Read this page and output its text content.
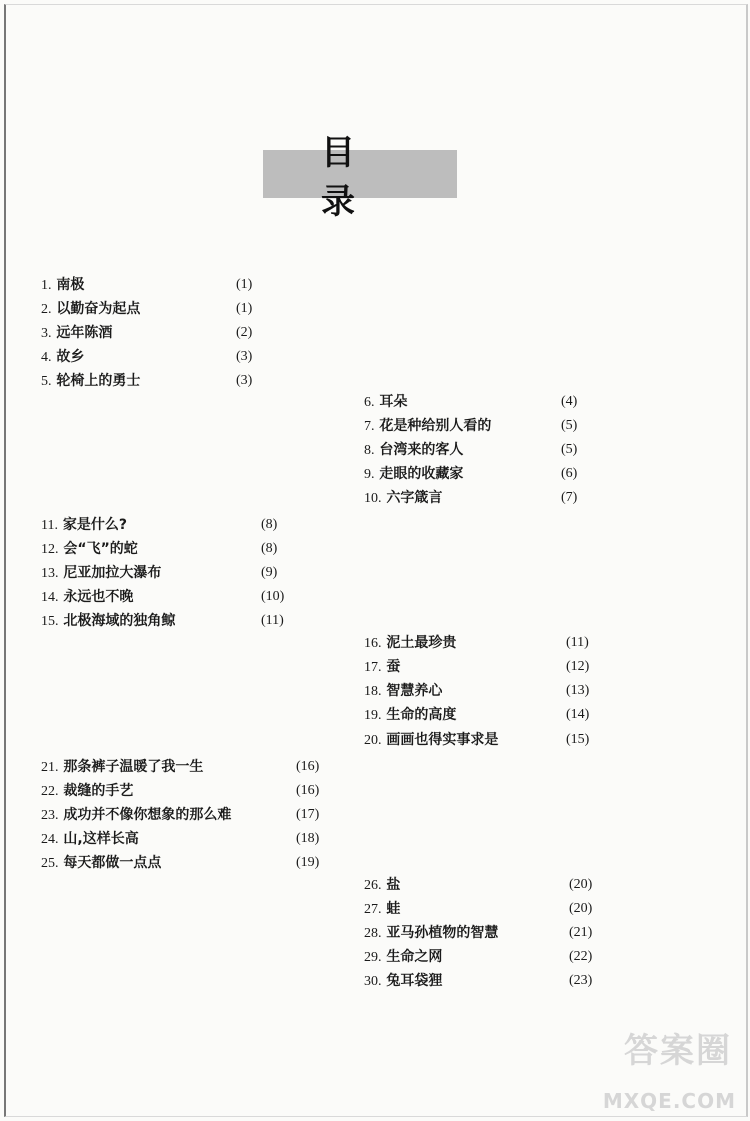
目 录
1. 南极	(1)
2. 以勤奋为起点	(1)
3. 远年陈酒	(2)
4. 故乡	(3)
5. 轮椅上的勇士	(3)
6. 耳朵	(4)
7. 花是种给别人看的	(5)
8. 台湾来的客人	(5)
9. 走眼的收藏家	(6)
10. 六字箴言	(7)
11. 家是什么?	(8)
12. 会“飞”的蛇	(8)
13. 尼亚加拉大瀑布	(9)
14. 永远也不晚	(10)
15. 北极海域的独角鲸	(11)
16. 泥土最珍贵	(11)
17. 蚕	(12)
18. 智慧养心	(13)
19. 生命的高度	(14)
20. 画画也得实事求是	(15)
21. 那条裤子温暖了我一生	(16)
22. 裁缝的手艺	(16)
23. 成功并不像你想象的那么难	(17)
24. 山,这样长高	(18)
25. 每天都做一点点	(19)
26. 盐	(20)
27. 蛙	(20)
28. 亚马孙植物的智慧	(21)
29. 生命之网	(22)
30. 兔耳袋狸	(23)
答案圈
MXQE.COM
